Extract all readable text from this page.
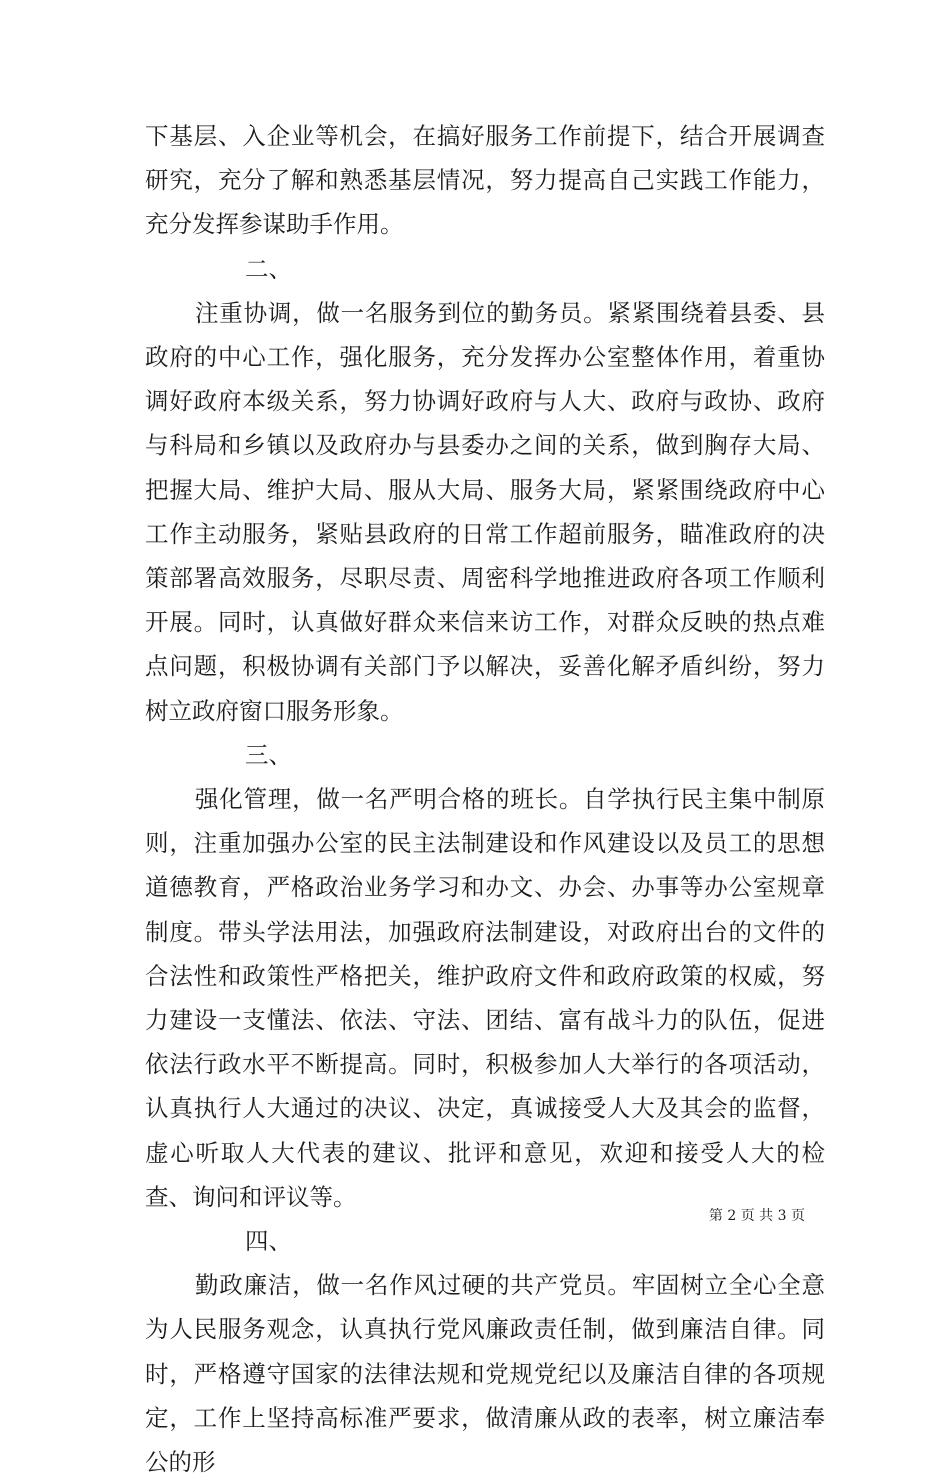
下基层、入企业等机会，在搞好服务工作前提下，结合开展调查研究，充分了解和熟悉基层情况，努力提高自己实践工作能力，充分发挥参谋助手作用。

二、

注重协调，做一名服务到位的勤务员。紧紧围绕着县委、县政府的中心工作，强化服务，充分发挥办公室整体作用，着重协调好政府本级关系，努力协调好政府与人大、政府与政协、政府与科局和乡镇以及政府办与县委办之间的关系，做到胸存大局、把握大局、维护大局、服从大局、服务大局，紧紧围绕政府中心工作主动服务，紧贴县政府的日常工作超前服务，瞄准政府的决策部署高效服务，尽职尽责、周密科学地推进政府各项工作顺利开展。同时，认真做好群众来信来访工作，对群众反映的热点难点问题，积极协调有关部门予以解决，妥善化解矛盾纠纷，努力树立政府窗口服务形象。

三、

强化管理，做一名严明合格的班长。自学执行民主集中制原则，注重加强办公室的民主法制建设和作风建设以及员工的思想道德教育，严格政治业务学习和办文、办会、办事等办公室规章制度。带头学法用法，加强政府法制建设，对政府出台的文件的合法性和政策性严格把关，维护政府文件和政府政策的权威，努力建设一支懂法、依法、守法、团结、富有战斗力的队伍，促进依法行政水平不断提高。同时，积极参加人大举行的各项活动，认真执行人大通过的决议、决定，真诚接受人大及其会的监督，虚心听取人大代表的建议、批评和意见，欢迎和接受人大的检查、询问和评议等。

四、

勤政廉洁，做一名作风过硬的共产党员。牢固树立全心全意为人民服务观念，认真执行党风廉政责任制，做到廉洁自律。同时，严格遵守国家的法律法规和党规党纪以及廉洁自律的各项规定，工作上坚持高标准严要求，做清廉从政的表率，树立廉洁奉公的形

第 2 页 共 3 页
